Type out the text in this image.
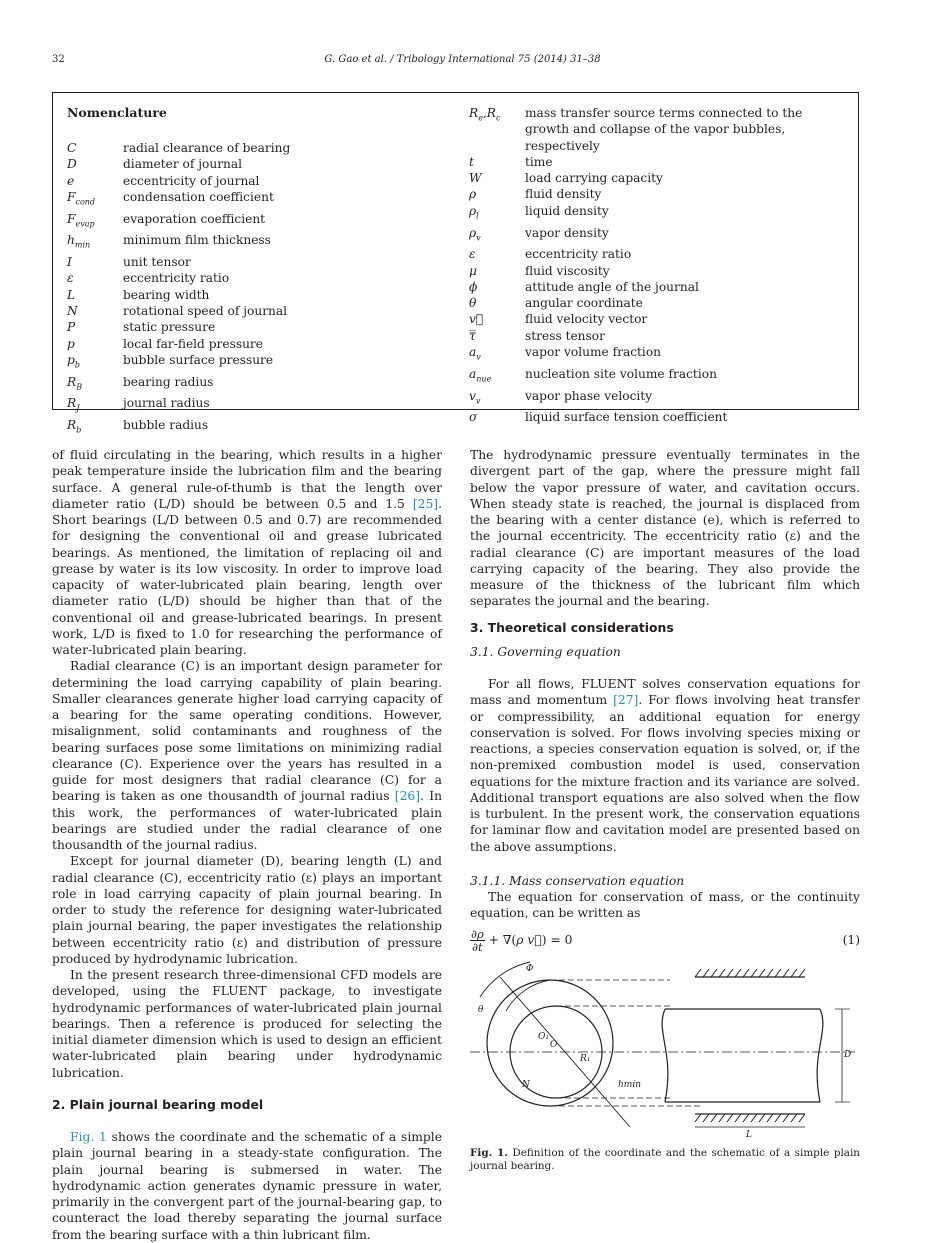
32	G. Gao et al. / Tribology International 75 (2014) 31–38
Nomenclature
C	radial clearance of bearing
D	diameter of journal
e	eccentricity of journal
$F_{cond}$	condensation coefficient
$F_{evap}$	evaporation coefficient
$h_{min}$	minimum film thickness
I	unit tensor
ε	eccentricity ratio
L	bearing width
N	rotational speed of journal
P	static pressure
p	local far-field pressure
$p_b$	bubble surface pressure
$R_B$	bearing radius
$R_J$	journal radius
$R_b$	bubble radius
$R_e,R_c$	mass transfer source terms connected to the growth and collapse of the vapor bubbles, respectively
t	time
W	load carrying capacity
ρ	fluid density
$\rho_l$	liquid density
$\rho_v$	vapor density
ε	eccentricity ratio
μ	fluid viscosity
ϕ	attitude angle of the journal
θ	angular coordinate
v⃗	fluid velocity vector
τ̿	stress tensor
$a_v$	vapor volume fraction
$a_{nue}$	nucleation site volume fraction
$v_v$	vapor phase velocity
σ	liquid surface tension coefficient

of fluid circulating in the bearing, which results in a higher peak temperature inside the lubrication film and the bearing surface. A general rule-of-thumb is that the length over diameter ratio (L/D) should be between 0.5 and 1.5 [25]. Short bearings (L/D between 0.5 and 0.7) are recommended for designing the conventional oil and grease lubricated bearings. As mentioned, the limitation of replacing oil and grease by water is its low viscosity. In order to improve load capacity of water-lubricated plain bearing, length over diameter ratio (L/D) should be higher than that of the conventional oil and grease-lubricated bearings. In present work, L/D is fixed to 1.0 for researching the performance of water-lubricated plain bearing.

Radial clearance (C) is an important design parameter for determining the load carrying capability of plain bearing. Smaller clearances generate higher load carrying capacity of a bearing for the same operating conditions. However, misalignment, solid contaminants and roughness of the bearing surfaces pose some limitations on minimizing radial clearance (C). Experience over the years has resulted in a guide for most designers that radial clearance (C) for a bearing is taken as one thousandth of journal radius [26]. In this work, the performances of water-lubricated plain bearings are studied under the radial clearance of one thousandth of the journal radius.

Except for journal diameter (D), bearing length (L) and radial clearance (C), eccentricity ratio (ε) plays an important role in load carrying capacity of plain journal bearing. In order to study the reference for designing water-lubricated plain journal bearing, the paper investigates the relationship between eccentricity ratio (ε) and distribution of pressure produced by hydrodynamic lubrication.

In the present research three-dimensional CFD models are developed, using the FLUENT package, to investigate hydrodynamic performances of water-lubricated plain journal bearings. Then a reference is produced for selecting the initial diameter dimension which is used to design an efficient water-lubricated plain bearing under hydrodynamic lubrication.

2. Plain journal bearing model

Fig. 1 shows the coordinate and the schematic of a simple plain journal bearing in a steady-state configuration. The plain journal bearing is submersed in water. The hydrodynamic action generates dynamic pressure in water, primarily in the convergent part of the journal-bearing gap, to counteract the load thereby separating the journal surface from the bearing surface with a thin lubricant film.

The hydrodynamic pressure eventually terminates in the divergent part of the gap, where the pressure might fall below the vapor pressure of water, and cavitation occurs. When steady state is reached, the journal is displaced from the bearing with a center distance (e), which is referred to the journal eccentricity. The eccentricity ratio (ε) and the radial clearance (C) are important measures of the load carrying capacity of the bearing. They also provide the measure of the thickness of the lubricant film which separates the journal and the bearing.

3. Theoretical considerations

3.1. Governing equation

For all flows, FLUENT solves conservation equations for mass and momentum [27]. For flows involving heat transfer or compressibility, an additional equation for energy conservation is solved. For flows involving species mixing or reactions, a species conservation equation is solved, or, if the non-premixed combustion model is used, conservation equations for the mixture fraction and its variance are solved. Additional transport equations are also solved when the flow is turbulent. In the present work, the conservation equations for laminar flow and cavitation model are presented based on the above assumptions.

3.1.1. Mass conservation equation

The equation for conservation of mass, or the continuity equation, can be written as

$\frac{\partial\rho}{\partial t} + \nabla(\rho$ v⃗) = 0	(1)
Φ
θ
O
O₁
R₁
N
D
L
hmin

Fig. 1. Definition of the coordinate and the schematic of a simple plain journal bearing.
